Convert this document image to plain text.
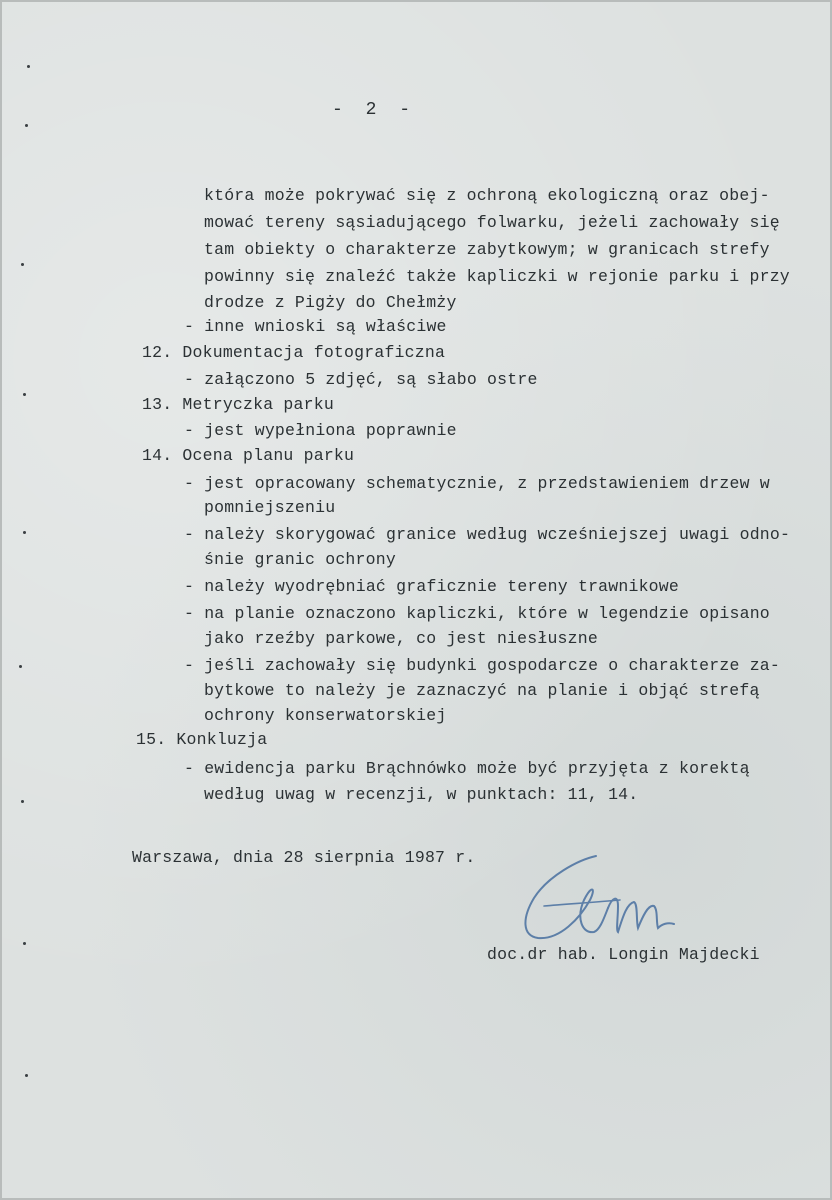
- 2 -
która może pokrywać się z ochroną ekologiczną oraz obej-
mować tereny sąsiadującego folwarku, jeżeli zachowały się
tam obiekty o charakterze zabytkowym; w granicach strefy
powinny się znaleźć także kapliczki w rejonie parku i przy
drodze z Pigży do Chełmży
- inne wnioski są właściwe
12. Dokumentacja fotograficzna
- załączono 5 zdjęć, są słabo ostre
13. Metryczka parku
- jest wypełniona poprawnie
14. Ocena planu parku
- jest opracowany schematycznie, z przedstawieniem drzew w
pomniejszeniu
- należy skorygować granice według wcześniejszej uwagi odno-
śnie granic ochrony
- należy wyodrębniać graficznie tereny trawnikowe
- na planie oznaczono kapliczki, które w legendzie opisano
jako rzeźby parkowe, co jest niesłuszne
- jeśli zachowały się budynki gospodarcze o charakterze za-
bytkowe to należy je zaznaczyć na planie i objąć strefą
ochrony konserwatorskiej
15. Konkluzja
- ewidencja parku Brąchnówko może być przyjęta z korektą
według uwag w recenzji, w punktach: 11, 14.
Warszawa, dnia 28 sierpnia 1987 r.
doc.dr hab. Longin Majdecki
